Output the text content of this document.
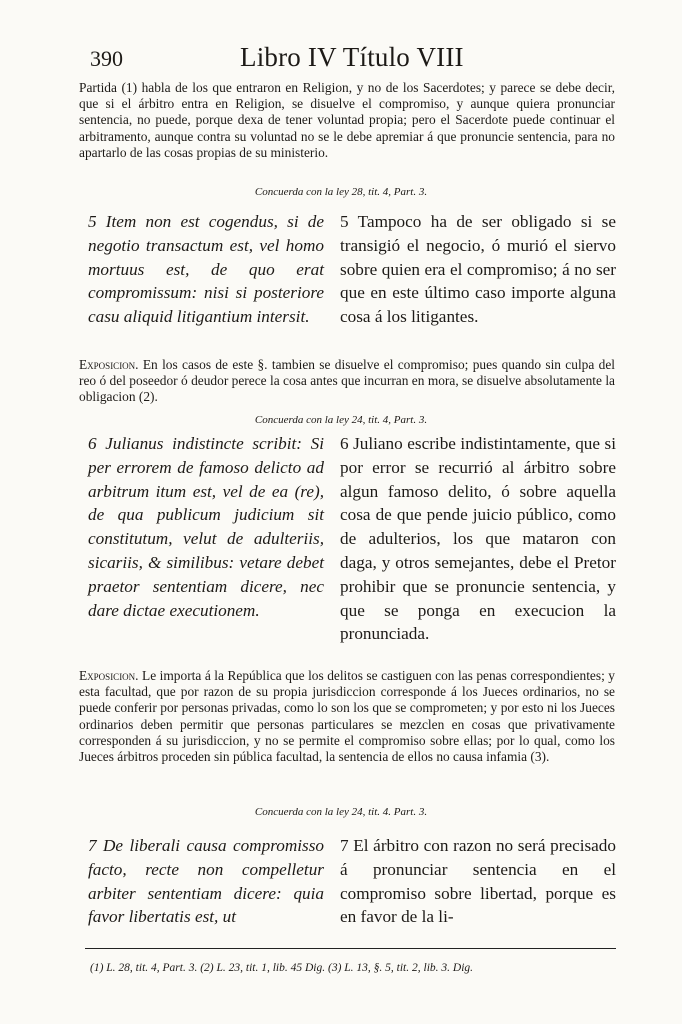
390	Libro IV Título VIII

Partida (1) habla de los que entraron en Religion, y no de los Sacerdotes; y parece se debe decir, que si el árbitro entra en Religion, se disuelve el compromiso, y aunque quiera pronunciar sentencia, no puede, porque dexa de tener voluntad propia; pero el Sacerdote puede continuar el arbitramento, aunque contra su voluntad no se le debe apremiar á que pronuncie sentencia, para no apartarlo de las cosas propias de su ministerio.

Concuerda con la ley 28, tit. 4, Part. 3.

5 Item non est cogendus, si de negotio transactum est, vel homo mortuus est, de quo erat compromissum: nisi si posteriore casu aliquid litigantium intersit.

5 Tampoco ha de ser obligado si se transigió el negocio, ó murió el siervo sobre quien era el compromiso; á no ser que en este último caso importe alguna cosa á los litigantes.

Exposicion. En los casos de este §. tambien se disuelve el compromiso; pues quando sin culpa del reo ó del poseedor ó deudor perece la cosa antes que incurran en mora, se disuelve absolutamente la obligacion (2).

Concuerda con la ley 24, tit. 4, Part. 3.

6 Julianus indistincte scribit: Si per errorem de famoso delicto ad arbitrum itum est, vel de ea (re), de qua publicum judicium sit constitutum, velut de adulteriis, sicariis, & similibus: vetare debet praetor sententiam dicere, nec dare dictae executionem.

6 Juliano escribe indistintamente, que si por error se recurrió al árbitro sobre algun famoso delito, ó sobre aquella cosa de que pende juicio público, como de adulterios, los que mataron con daga, y otros semejantes, debe el Pretor prohibir que se pronuncie sentencia, y que se ponga en execucion la pronunciada.

Exposicion. Le importa á la República que los delitos se castiguen con las penas correspondientes; y esta facultad, que por razon de su propia jurisdiccion corresponde á los Jueces ordinarios, no se puede conferir por personas privadas, como lo son los que se comprometen; y por esto ni los Jueces ordinarios deben permitir que personas particulares se mezclen en cosas que privativamente corresponden á su jurisdiccion, y no se permite el compromiso sobre ellas; por lo qual, como los Jueces árbitros proceden sin pública facultad, la sentencia de ellos no causa infamia (3).

Concuerda con la ley 24, tit. 4. Part. 3.

7 De liberali causa compromisso facto, recte non compelletur arbiter sententiam dicere: quia favor libertatis est, ut

7 El árbitro con razon no será precisado á pronunciar sentencia en el compromiso sobre libertad, porque es en favor de la li-

(1) L. 28, tit. 4, Part. 3. (2) L. 23, tit. 1, lib. 45 Dig. (3) L. 13, §. 5, tit. 2, lib. 3. Dig.
